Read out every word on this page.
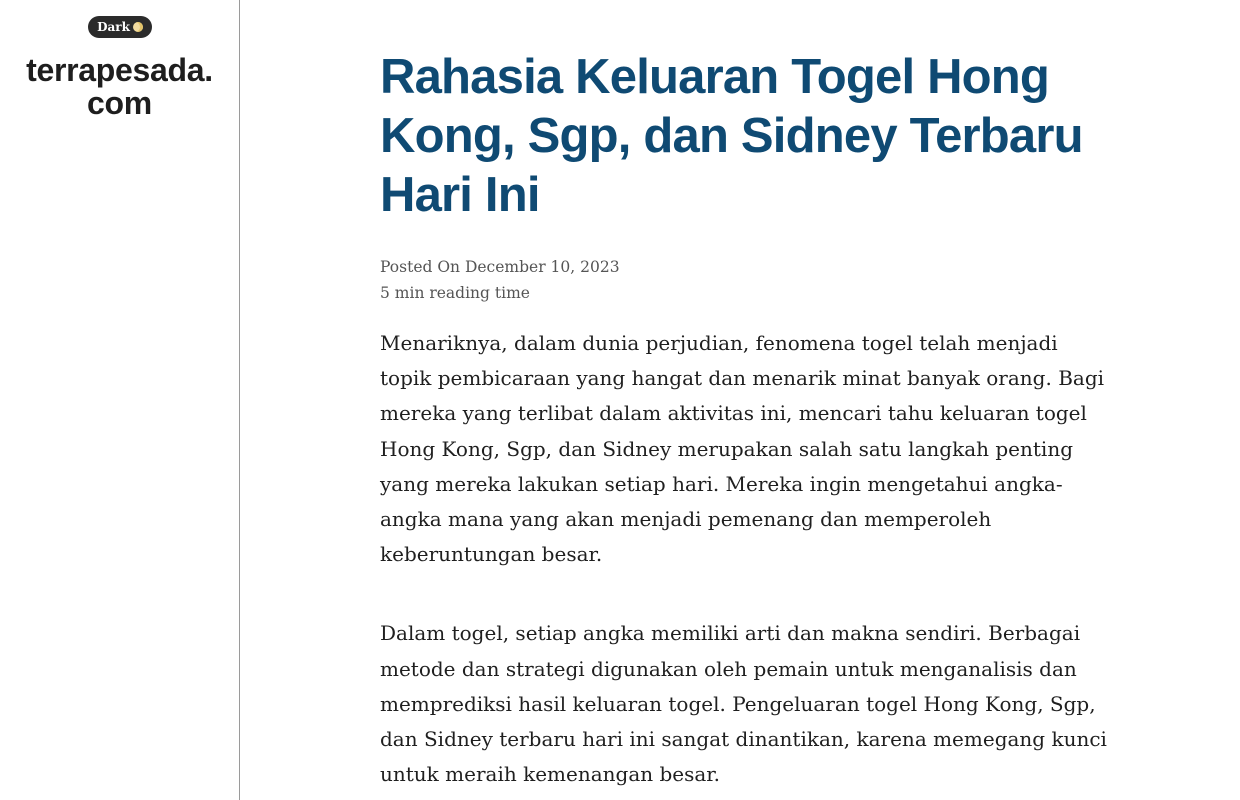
Dark
terrapesada.
com	Rahasia Keluaran Togel Hong Kong, Sgp, dan Sidney Terbaru Hari Ini
Posted On December 10, 2023
5 min reading time

Menariknya, dalam dunia perjudian, fenomena togel telah menjadi topik pembicaraan yang hangat dan menarik minat banyak orang. Bagi mereka yang terlibat dalam aktivitas ini, mencari tahu keluaran togel Hong Kong, Sgp, dan Sidney merupakan salah satu langkah penting yang mereka lakukan setiap hari. Mereka ingin mengetahui angka-angka mana yang akan menjadi pemenang dan memperoleh keberuntungan besar.

Dalam togel, setiap angka memiliki arti dan makna sendiri. Berbagai metode dan strategi digunakan oleh pemain untuk menganalisis dan memprediksi hasil keluaran togel. Pengeluaran togel Hong Kong, Sgp, dan Sidney terbaru hari ini sangat dinantikan, karena memegang kunci untuk meraih kemenangan besar.
